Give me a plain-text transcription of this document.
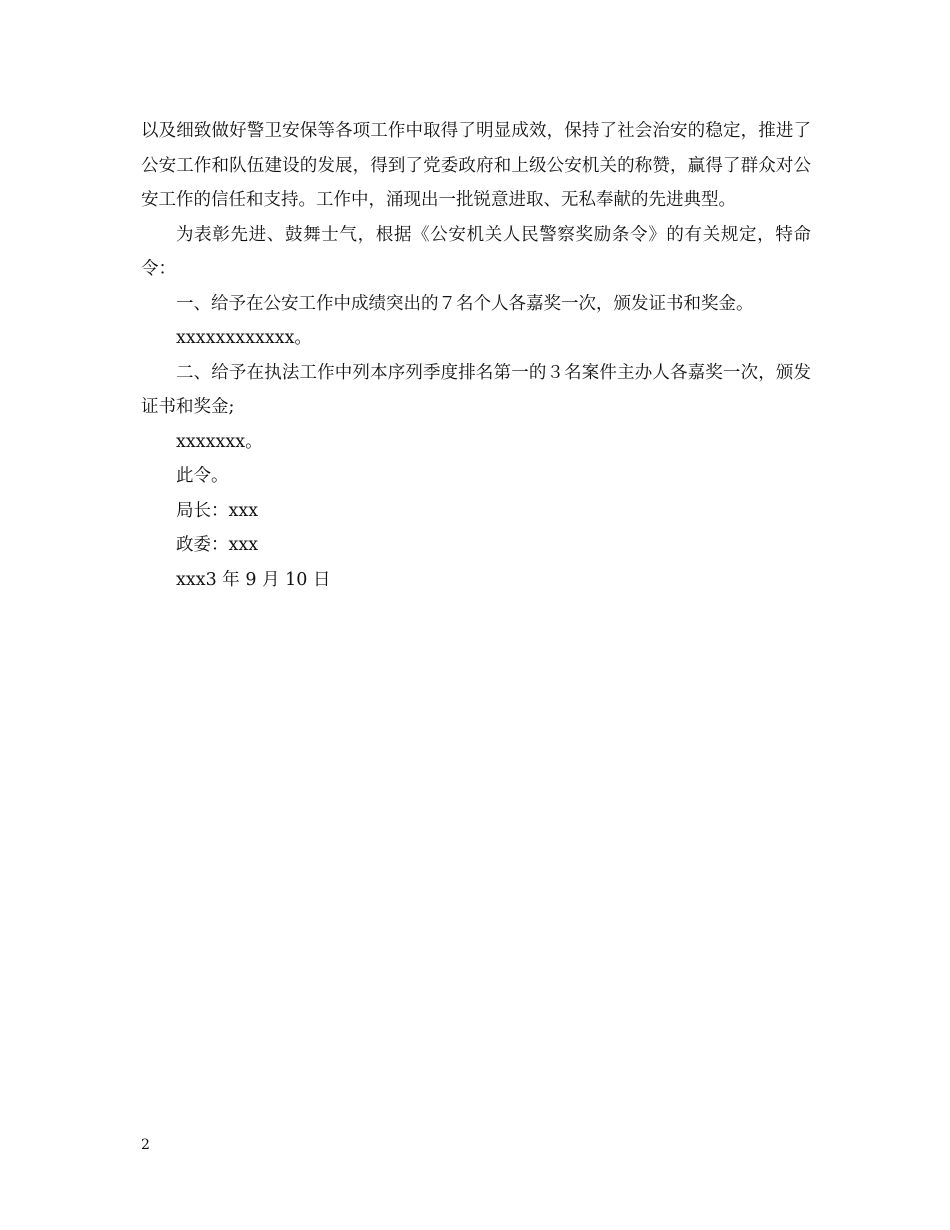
以及细致做好警卫安保等各项工作中取得了明显成效，保持了社会治安的稳定，推进了公安工作和队伍建设的发展，得到了党委政府和上级公安机关的称赞，赢得了群众对公安工作的信任和支持。工作中，涌现出一批锐意进取、无私奉献的先进典型。

为表彰先进、鼓舞士气，根据《公安机关人民警察奖励条令》的有关规定，特命令：

一、给予在公安工作中成绩突出的７名个人各嘉奖一次，颁发证书和奖金。

xxxxxxxxxxxx。

二、给予在执法工作中列本序列季度排名第一的３名案件主办人各嘉奖一次，颁发证书和奖金;

xxxxxxx。

此令。

局长：xxx

政委：xxx

xxx3 年 9 月 10 日

2
